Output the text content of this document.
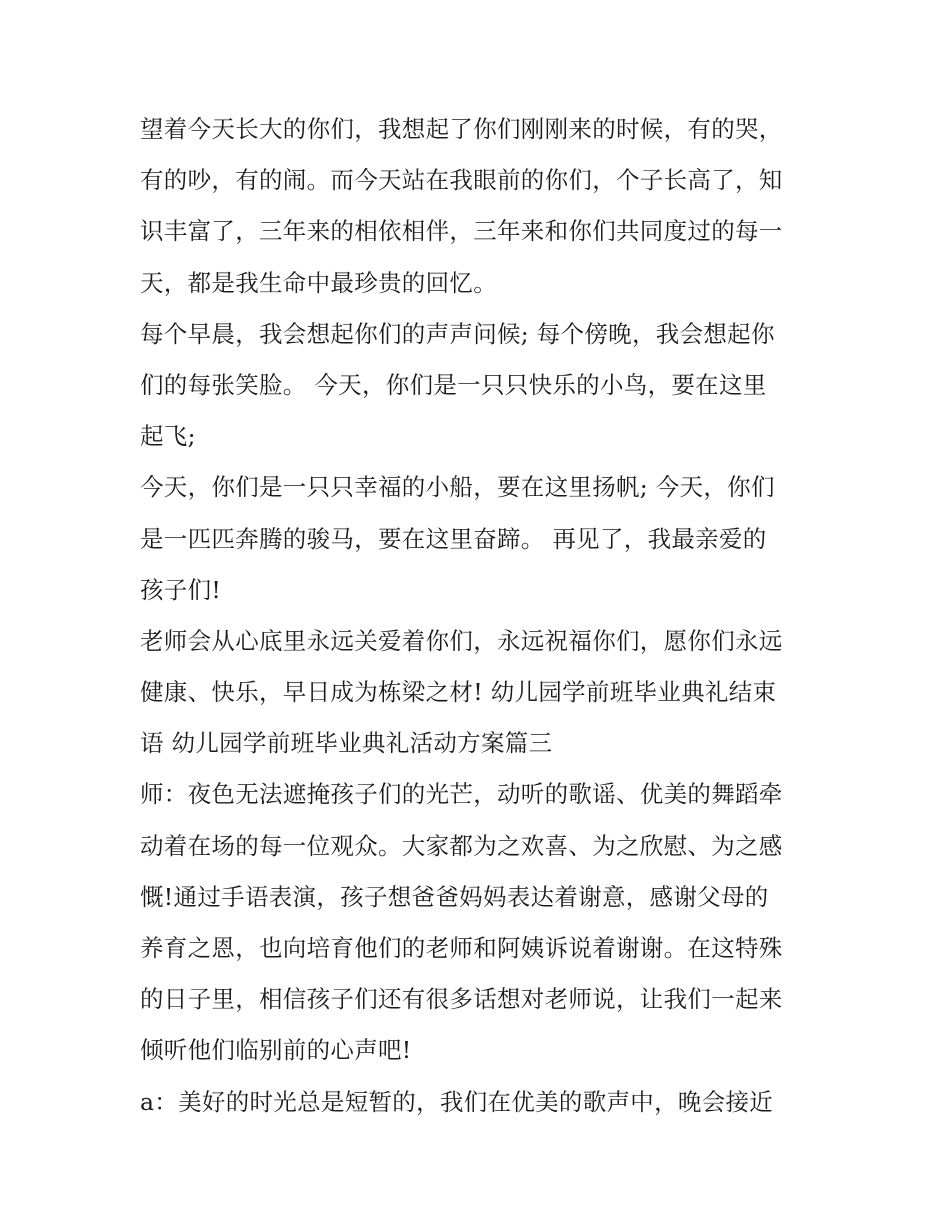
望着今天长大的你们，我想起了你们刚刚来的时候，有的哭，
有的吵，有的闹。而今天站在我眼前的你们，个子长高了，知
识丰富了，三年来的相依相伴，三年来和你们共同度过的每一
天，都是我生命中最珍贵的回忆。
每个早晨，我会想起你们的声声问候; 每个傍晚，我会想起你
们的每张笑脸。 今天，你们是一只只快乐的小鸟，要在这里
起飞;
今天，你们是一只只幸福的小船，要在这里扬帆; 今天，你们
是一匹匹奔腾的骏马，要在这里奋蹄。 再见了，我最亲爱的
孩子们!
老师会从心底里永远关爱着你们，永远祝福你们，愿你们永远
健康、快乐，早日成为栋梁之材! 幼儿园学前班毕业典礼结束
语 幼儿园学前班毕业典礼活动方案篇三
师：夜色无法遮掩孩子们的光芒，动听的歌谣、优美的舞蹈牵
动着在场的每一位观众。大家都为之欢喜、为之欣慰、为之感
慨!通过手语表演，孩子想爸爸妈妈表达着谢意，感谢父母的
养育之恩，也向培育他们的老师和阿姨诉说着谢谢。在这特殊
的日子里，相信孩子们还有很多话想对老师说，让我们一起来
倾听他们临别前的心声吧!
a：美好的时光总是短暂的，我们在优美的歌声中，晚会接近
